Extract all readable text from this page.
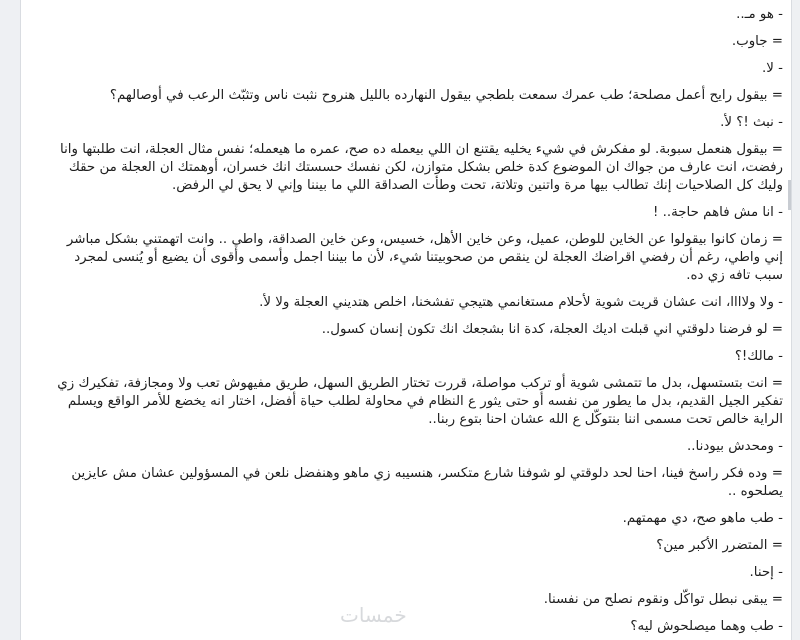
- هو مـ..

= جاوب.

- لا.

= بيقول رايح أعمل مصلحة؛ طب عمرك سمعت بلطجي بيقول النهارده بالليل هنروح نثبت ناس وتثبّث الرعب في أوصالهم؟

- نبث !؟ لأ.

= بيقول هنعمل سبوبة. لو مفكرش في شيء يخليه يقتنع ان اللي بيعمله ده صح، عمره ما هيعمله؛ نفس مثال العجلة، انت طلبتها وانا رفضت، انت عارف من جواك ان الموضوع كدة خلص بشكل متوازن، لكن نفسك حسستك انك خسران، أوهمتك ان العجلة من حقك وليك كل الصلاحيات إنك تطالب بيها مرة واتنين وتلاتة، تحت وطأت الصداقة اللي ما بيننا وإني لا يحق لي الرفض.

- انا مش فاهم حاجة.. !

= زمان كانوا بيقولوا عن الخاين للوطن، عميل، وعن خاين الأهل، خسيس، وعن خاين الصداقة، واطي .. وانت اتهمتني بشكل مباشر إني واطي، رغم أن رفضي اقراضك العجلة لن ينقص من صحوبيتنا شيء، لأن ما بيننا اجمل وأسمى وأقوى أن يضيع أو يُنسى لمجرد سبب تافه زي ده.

- ولا ولاااا، انت عشان قريت شوية لأحلام مستغانمي هتيجي تفشخنا، اخلص هتديني العجلة ولا لأ.

= لو فرضنا دلوقتي اني قبلت اديك العجلة، كدة انا بشجعك انك تكون إنسان كسول..

- مالك!؟

= انت بتستسهل، بدل ما تتمشى شوية أو تركب مواصلة، قررت تختار الطريق السهل، طريق مفيهوش تعب ولا ومجازفة، تفكيرك زي تفكير الجيل القديم، بدل ما يطور من نفسه أو حتى يثور ع النظام في محاولة لطلب حياة أفضل، اختار انه يخضع للأمر الواقع ويسلم الراية خالص تحت مسمى اننا بنتوكّل ع الله عشان احنا بتوع ربنا..

- ومحدش بيودنا..

= وده فكر راسخ فينا، احنا لحد دلوقتي لو شوفنا شارع متكسر، هنسيبه زي ماهو وهنفضل نلعن في المسؤولين عشان مش عايزين يصلحوه ..

- طب ماهو صح، دي مهمتهم.

= المتضرر الأكبر مين؟

- إحنا.

= يبقى نبطل تواكّل ونقوم نصلح من نفسنا.

- طب وهما ميصلحوش ليه؟

خمسات
